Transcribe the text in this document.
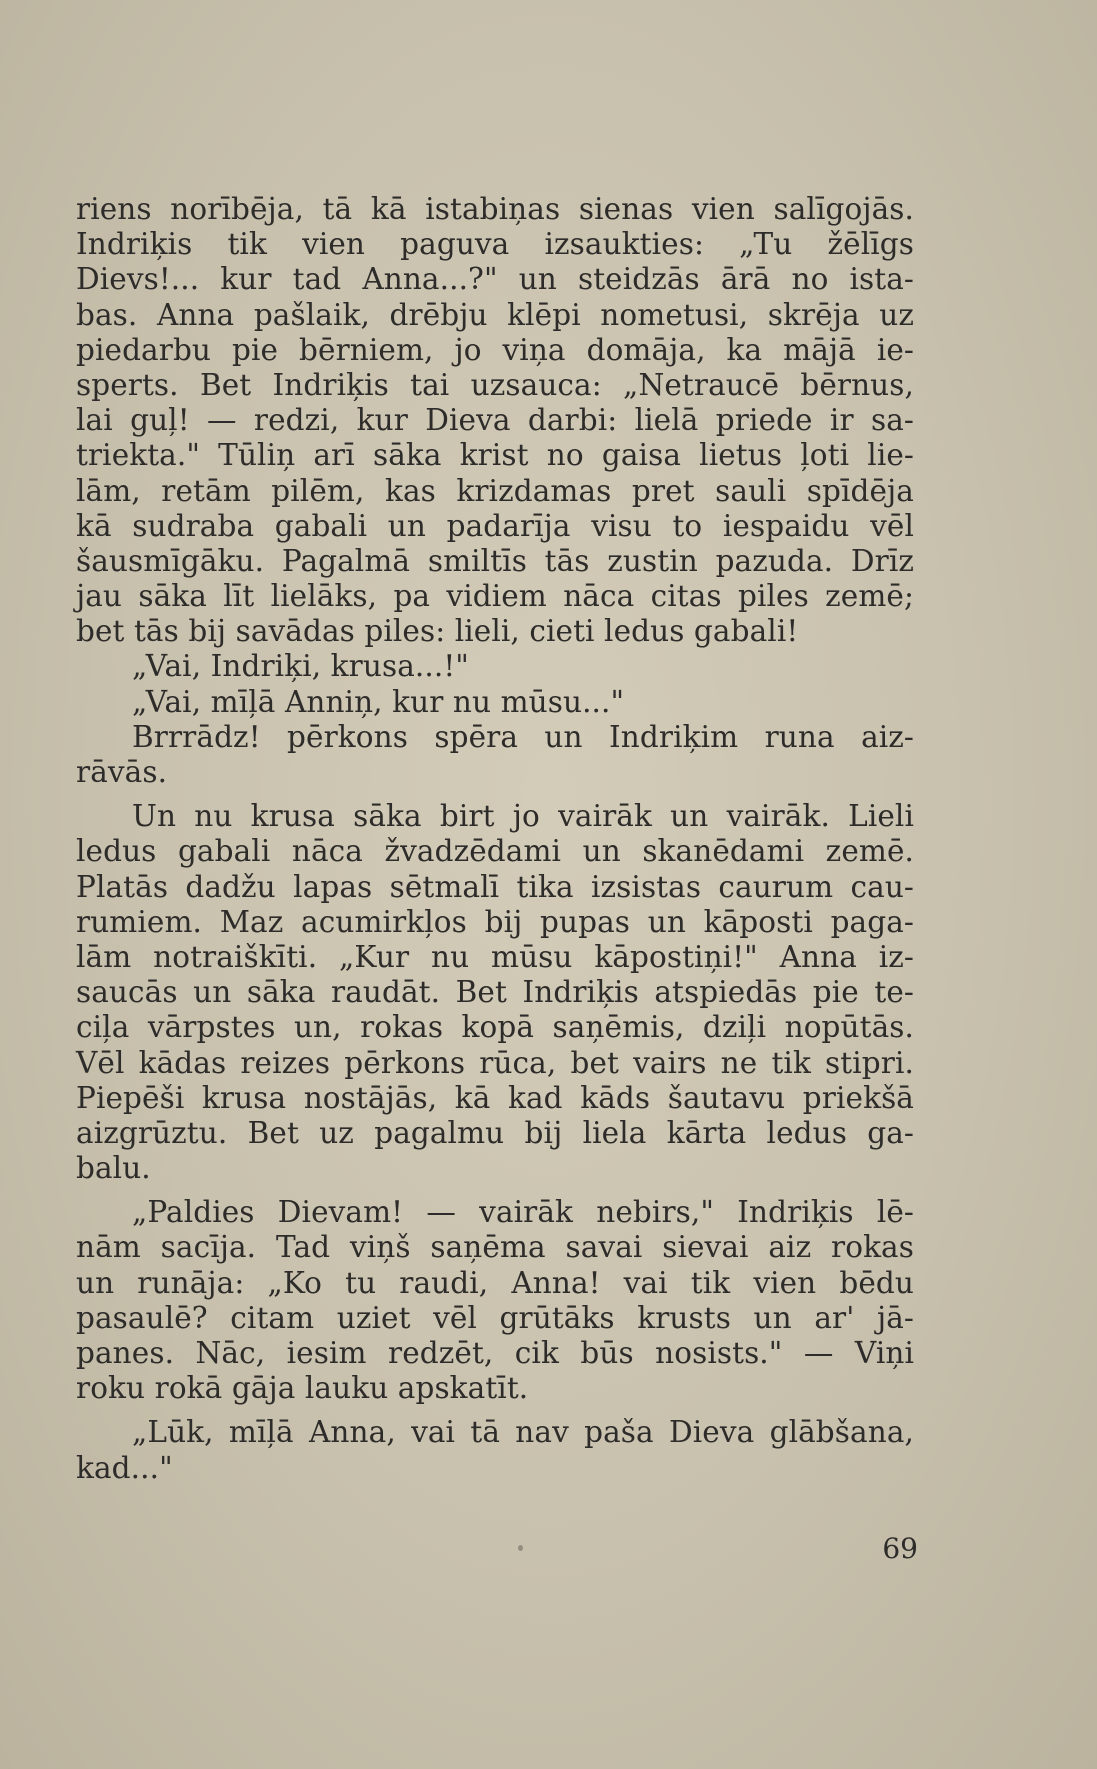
riens norībēja, tā kā istabiņas sienas vien salīgojās.
Indriķis tik vien paguva izsaukties: „Tu žēlīgs
Dievs!... kur tad Anna...?" un steidzās ārā no ista-
bas. Anna pašlaik, drēbju klēpi nometusi, skrēja uz
piedarbu pie bērniem, jo viņa domāja, ka mājā ie-
sperts. Bet Indriķis tai uzsauca: „Netraucē bērnus,
lai guļ! — redzi, kur Dieva darbi: lielā priede ir sa-
triekta." Tūliņ arī sāka krist no gaisa lietus ļoti lie-
lām, retām pilēm, kas krizdamas pret sauli spīdēja
kā sudraba gabali un padarīja visu to iespaidu vēl
šausmīgāku. Pagalmā smiltīs tās zustin pazuda. Drīz
jau sāka līt lielāks, pa vidiem nāca citas piles zemē;
bet tās bij savādas piles: lieli, cieti ledus gabali!
„Vai, Indriķi, krusa...!"
„Vai, mīļā Anniņ, kur nu mūsu..."
Brrrādz! pērkons spēra un Indriķim runa aiz-
rāvās.
Un nu krusa sāka birt jo vairāk un vairāk. Lieli
ledus gabali nāca žvadzēdami un skanēdami zemē.
Platās dadžu lapas sētmalī tika izsistas caurum cau-
rumiem. Maz acumirkļos bij pupas un kāposti paga-
lām notraiškīti. „Kur nu mūsu kāpostiņi!" Anna iz-
saucās un sāka raudāt. Bet Indriķis atspiedās pie te-
ciļa vārpstes un, rokas kopā saņēmis, dziļi nopūtās.
Vēl kādas reizes pērkons rūca, bet vairs ne tik stipri.
Piepēši krusa nostājās, kā kad kāds šautavu priekšā
aizgrūztu. Bet uz pagalmu bij liela kārta ledus ga-
balu.
„Paldies Dievam! — vairāk nebirs," Indriķis lē-
nām sacīja. Tad viņš saņēma savai sievai aiz rokas
un runāja: „Ko tu raudi, Anna! vai tik vien bēdu
pasaulē? citam uziet vēl grūtāks krusts un ar' jā-
panes. Nāc, iesim redzēt, cik būs nosists." — Viņi
roku rokā gāja lauku apskatīt.
„Lūk, mīļā Anna, vai tā nav paša Dieva glābšana,
kad..."
69
